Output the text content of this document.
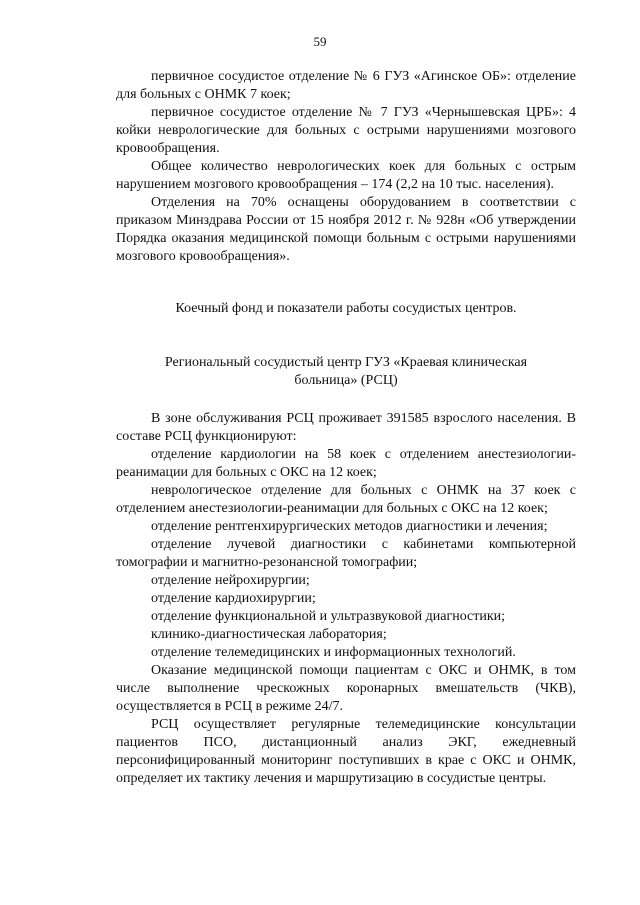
59

первичное сосудистое отделение № 6 ГУЗ «Агинское ОБ»: отделение для больных с ОНМК 7 коек;

первичное сосудистое отделение № 7 ГУЗ «Чернышевская ЦРБ»: 4 койки неврологические для больных с острыми нарушениями мозгового кровообращения.

Общее количество неврологических коек для больных с острым нарушением мозгового кровообращения – 174 (2,2 на 10 тыс. населения).

Отделения на 70% оснащены оборудованием в соответствии с приказом Минздрава России от 15 ноября 2012 г. № 928н «Об утверждении Порядка оказания медицинской помощи больным с острыми нарушениями мозгового кровообращения».

Коечный фонд и показатели работы сосудистых центров.

Региональный сосудистый центр ГУЗ «Краевая клиническая больница» (РСЦ)

В зоне обслуживания РСЦ проживает 391585 взрослого населения. В составе РСЦ функционируют:

отделение кардиологии на 58 коек с отделением анестезиологии-реанимации для больных с ОКС на 12 коек;

неврологическое отделение для больных с ОНМК на 37 коек с отделением анестезиологии-реанимации для больных с ОКС на 12 коек;

отделение рентгенхирургических методов диагностики и лечения;

отделение лучевой диагностики с кабинетами компьютерной томографии и магнитно-резонансной томографии;

отделение нейрохирургии;

отделение кардиохирургии;

отделение функциональной и ультразвуковой диагностики;

клинико-диагностическая лаборатория;

отделение телемедицинских и информационных технологий.

Оказание медицинской помощи пациентам с ОКС и ОНМК, в том числе выполнение чрескожных коронарных вмешательств (ЧКВ), осуществляется в РСЦ в режиме 24/7.

РСЦ осуществляет регулярные телемедицинские консультации пациентов ПСО, дистанционный анализ ЭКГ, ежедневный персонифицированный мониторинг поступивших в крае с ОКС и ОНМК, определяет их тактику лечения и маршрутизацию в сосудистые центры.
